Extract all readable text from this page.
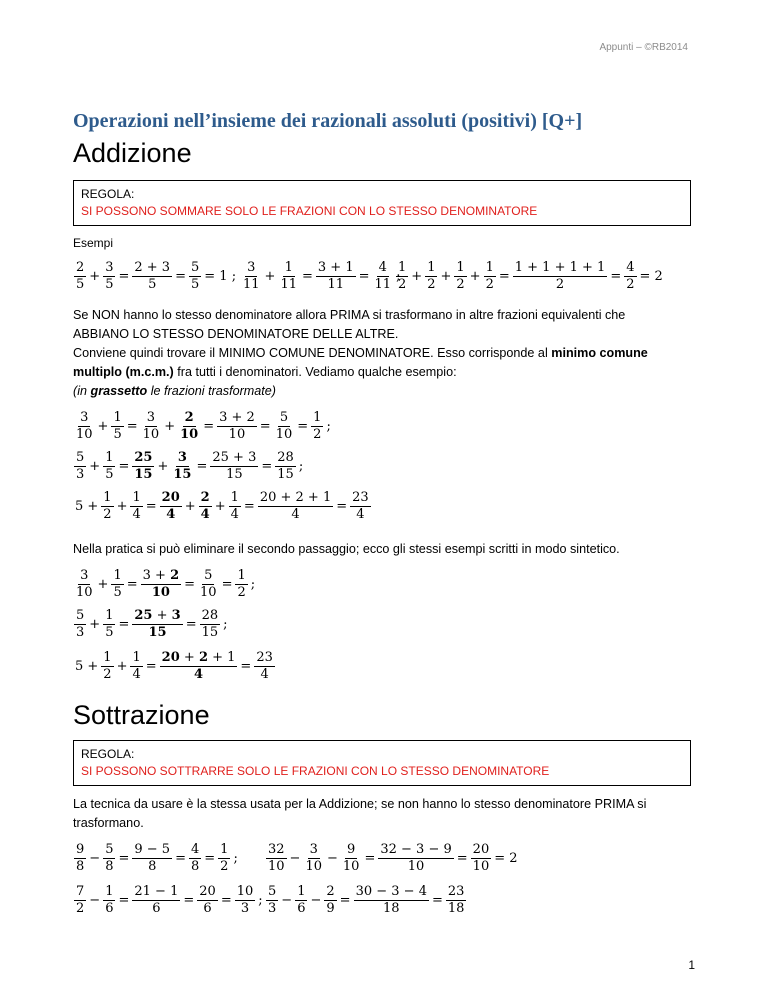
Appunti – ©RB2014
Operazioni nell’insieme dei razionali assoluti (positivi) [Q+]
Addizione
REGOLA:
SI POSSONO SOMMARE SOLO LE FRAZIONI CON LO STESSO DENOMINATORE
Esempi
2
5
+ $\frac{3}{5} = \frac{2 + 3}{5} = \frac{5}{5} = 1$ ;
3
11
+ $\frac{1}{11} = \frac{3 + 1}{11} = \frac{4}{11}$ ;
1
2
+ $\frac{1}{2} + \frac{1}{2} + \frac{1}{2} = \frac{1 + 1 + 1 + 1}{2} = \frac{4}{2} = 2$
Se NON hanno lo stesso denominatore allora PRIMA si trasformano in altre frazioni equivalenti che
ABBIANO LO STESSO DENOMINATORE DELLE ALTRE.
Conviene quindi trovare il MINIMO COMUNE DENOMINATORE. Esso corrisponde al minimo comune
multiplo (m.c.m.) fra tutti i denominatori. Vediamo qualche esempio:
(in grassetto le frazioni trasformate)
3
10
+ $\frac{1}{5} = \frac{3}{10} + \frac{2}{10} = \frac{3 + 2}{10} = \frac{5}{10} = \frac{1}{2}$ ;
5
3
+ $\frac{1}{5} = \frac{25}{15} + \frac{3}{15} = \frac{25 + 3}{15} = \frac{28}{15}$ ;
$5 + \frac{1}{2} + \frac{1}{4} = \frac{20}{4} + \frac{2}{4} + \frac{1}{4} = \frac{20 + 2 + 1}{4} = \frac{23}{4}$
Nella pratica si può eliminare il secondo passaggio; ecco gli stessi esempi scritti in modo sintetico.
3
10
+ $\frac{1}{5} = \frac{3 + 2}{10} = \frac{5}{10} = \frac{1}{2}$ ;
5
3
+ $\frac{1}{5} = \frac{25 + 3}{15} = \frac{28}{15}$ ;
$5 + \frac{1}{2} + \frac{1}{4} = \frac{20 + 2 + 1}{4} = \frac{23}{4}$
Sottrazione
REGOLA:
SI POSSONO SOTTRARRE SOLO LE FRAZIONI CON LO STESSO DENOMINATORE
La tecnica da usare è la stessa usata per la Addizione; se non hanno lo stesso denominatore PRIMA si
trasformano.
9
8
− $\frac{5}{8} = \frac{9 - 5}{8} = \frac{4}{8} = \frac{1}{2}$ ;
32
10
− $\frac{3}{10} - \frac{9}{10} = \frac{32 - 3 - 9}{10} = \frac{20}{10} = 2$
7
2
− $\frac{1}{6} = \frac{21 - 1}{6} = \frac{20}{6} = \frac{10}{3}$ ;
5
3
− $\frac{1}{6} - \frac{2}{9} = \frac{30 - 3 - 4}{18} = \frac{23}{18}$
1
